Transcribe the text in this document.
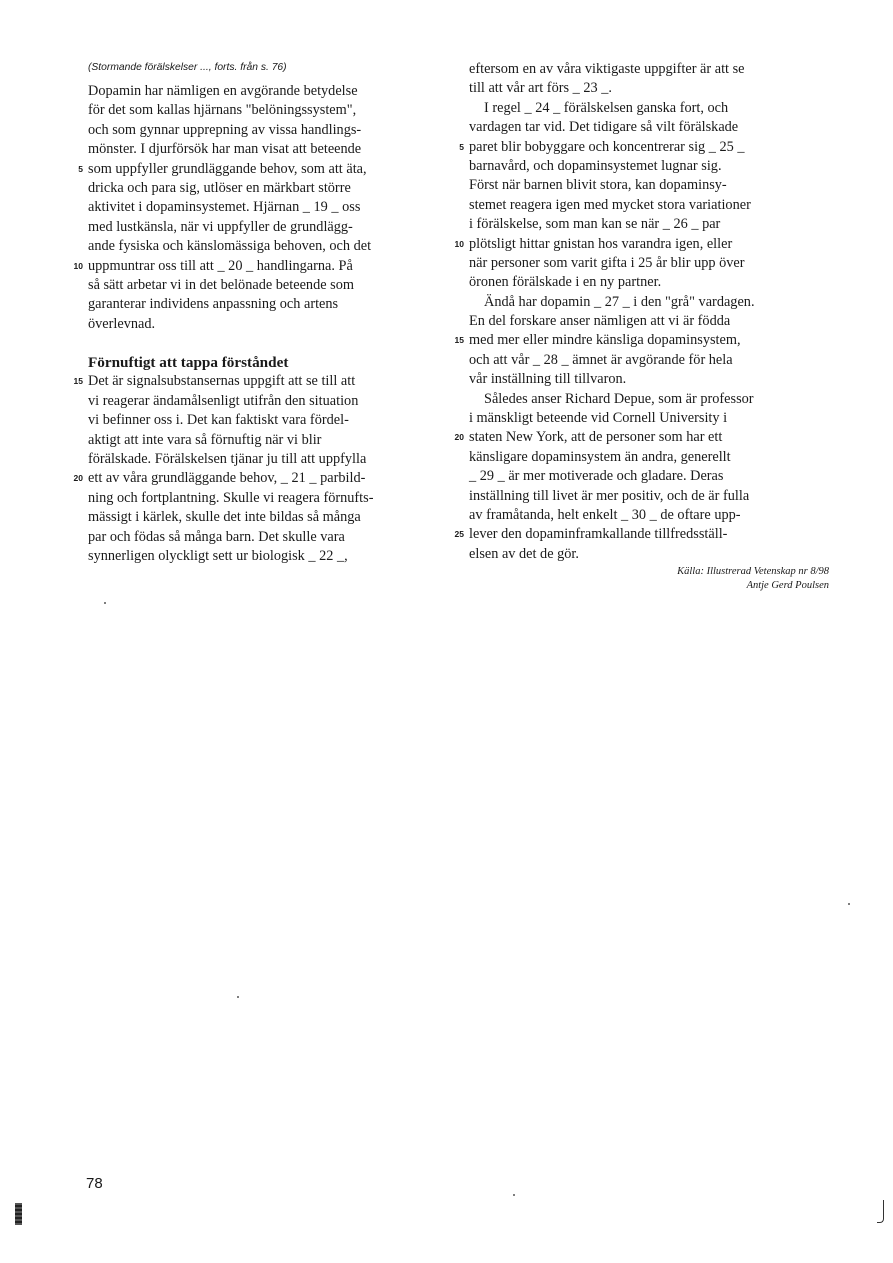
(Stormande förälskelser ..., forts. från s. 76)
Dopamin har nämligen en avgörande betydelse
för det som kallas hjärnans "belöningssystem",
och som gynnar upprepning av vissa handlings-
mönster. I djurförsök har man visat att beteende
5 som uppfyller grundläggande behov, som att äta,
dricka och para sig, utlöser en märkbart större
aktivitet i dopaminsystemet. Hjärnan _ 19 _ oss
med lustkänsla, när vi uppfyller de grundlägg-
ande fysiska och känslomässiga behoven, och det
10 uppmuntrar oss till att _ 20 _ handlingarna. På
så sätt arbetar vi in det belönade beteende som
garanterar individens anpassning och artens
överlevnad.
Förnuftigt att tappa förståndet
15 Det är signalsubstansernas uppgift att se till att
vi reagerar ändamålsenligt utifrån den situation
vi befinner oss i. Det kan faktiskt vara fördel-
aktigt att inte vara så förnuftig när vi blir
förälskade. Förälskelsen tjänar ju till att uppfylla
20 ett av våra grundläggande behov, _ 21 _ parbild-
ning och fortplantning. Skulle vi reagera förnufts-
mässigt i kärlek, skulle det inte bildas så många
par och födas så många barn. Det skulle vara
synnerligen olyckligt sett ur biologisk _ 22 _,
eftersom en av våra viktigaste uppgifter är att se
till att vår art förs _ 23 _.
I regel _ 24 _ förälskelsen ganska fort, och
vardagen tar vid. Det tidigare så vilt förälskade
5 paret blir bobyggare och koncentrerar sig _ 25 _
barnavård, och dopaminsystemet lugnar sig.
Först när barnen blivit stora, kan dopaminsy-
stemet reagera igen med mycket stora variationer
i förälskelse, som man kan se när _ 26 _ par
10 plötsligt hittar gnistan hos varandra igen, eller
när personer som varit gifta i 25 år blir upp över
öronen förälskade i en ny partner.
Ändå har dopamin _ 27 _ i den "grå" vardagen.
En del forskare anser nämligen att vi är födda
15 med mer eller mindre känsliga dopaminsystem,
och att vår _ 28 _ ämnet är avgörande för hela
vår inställning till tillvaron.
Således anser Richard Depue, som är professor
i mänskligt beteende vid Cornell University i
20 staten New York, att de personer som har ett
känsligare dopaminsystem än andra, generellt
_ 29 _ är mer motiverade och gladare. Deras
inställning till livet är mer positiv, och de är fulla
av framåtanda, helt enkelt _ 30 _ de oftare upp-
25 lever den dopaminframkallande tillfredsställ-
elsen av det de gör.
Källa: Illustrerad Vetenskap nr 8/98
Antje Gerd Poulsen
78
